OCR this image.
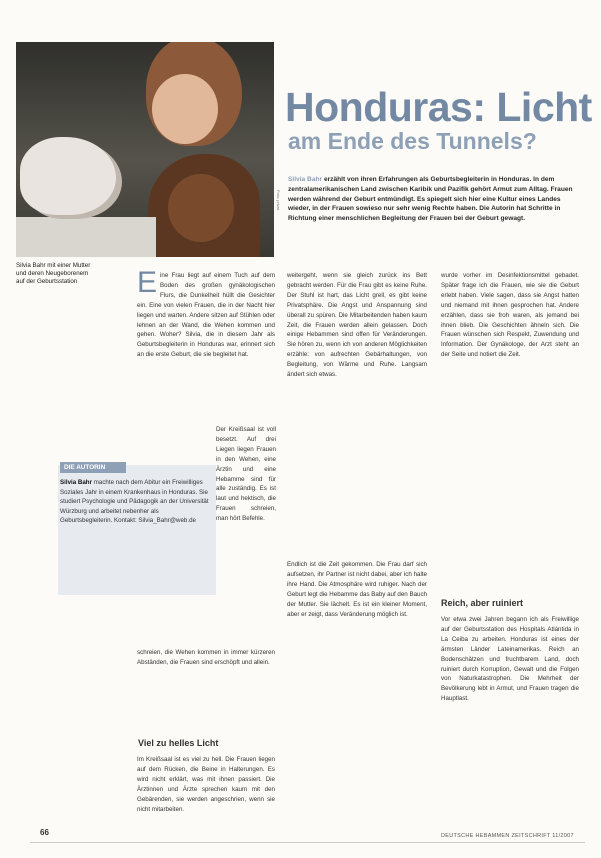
Foto: privat
Silvia Bahr mit einer Mutter und deren Neugeborenem auf der Geburtsstation
Honduras: Licht
am Ende des Tunnels?
Silvia Bahr erzählt von ihren Erfahrungen als Geburtsbegleiterin in Honduras. In dem zentralamerikanischen Land zwischen Karibik und Pazifik gehört Armut zum Alltag. Frauen werden während der Geburt entmündigt. Es spiegelt sich hier eine Kultur eines Landes wieder, in der Frauen sowieso nur sehr wenig Rechte haben. Die Autorin hat Schritte in Richtung einer menschlichen Begleitung der Frauen bei der Geburt gewagt.
E ine Frau liegt auf einem Tuch auf dem Boden des großen gynäkologischen Flurs, die Dunkelheit hüllt die Gesichter ein. Eine von vielen Frauen, die in der Nacht hier liegen und warten. Andere sitzen auf Stühlen oder lehnen an der Wand, die Wehen kommen und gehen. Woher? Silvia, die in diesem Jahr als Geburtsbegleiterin in Honduras war, erinnert sich an die erste Geburt, die sie begleitet hat.

Der Kreißsaal ist voll besetzt. Auf drei Liegen liegen Frauen in den Wehen, eine Ärztin und eine Hebamme sind für alle zuständig. Es ist laut und hektisch, die Frauen schreien, man hört Befehle.

DIE AUTORIN
Silvia Bahr machte nach dem Abitur ein Freiwilliges Soziales Jahr in einem Krankenhaus in Honduras. Sie studiert Psychologie und Pädagogik an der Universität Würzburg und arbeitet nebenher als Geburtsbegleiterin. Kontakt: Silvia_Bahr@web.de

schreien, die Wehen kommen in immer kürzeren Abständen, die Frauen sind erschöpft und allein.

Viel zu helles Licht

Im Kreißsaal ist es viel zu hell. Die Frauen liegen auf dem Rücken, die Beine in Halterungen. Es wird nicht erklärt, was mit ihnen passiert. Die Ärztinnen und Ärzte sprechen kaum mit den Gebärenden, sie werden angeschrien, wenn sie nicht mitarbeiten.

weitergeht, wenn sie gleich zurück ins Bett gebracht werden. Für die Frau gibt es keine Ruhe. Der Stuhl ist hart, das Licht grell, es gibt keine Privatsphäre. Die Angst und Anspannung sind überall zu spüren. Die Mitarbeitenden haben kaum Zeit, die Frauen werden allein gelassen. Doch einige Hebammen sind offen für Veränderungen. Sie hören zu, wenn ich von anderen Möglichkeiten erzähle: von aufrechten Gebärhaltungen, von Begleitung, von Wärme und Ruhe. Langsam ändert sich etwas.

Endlich ist die Zeit gekommen. Die Frau darf sich aufsetzen, ihr Partner ist nicht dabei, aber ich halte ihre Hand. Die Atmosphäre wird ruhiger. Nach der Geburt legt die Hebamme das Baby auf den Bauch der Mutter. Sie lächelt. Es ist ein kleiner Moment, aber er zeigt, dass Veränderung möglich ist.

wurde vorher im Desinfektionsmittel gebadet. Später frage ich die Frauen, wie sie die Geburt erlebt haben. Viele sagen, dass sie Angst hatten und niemand mit ihnen gesprochen hat. Andere erzählen, dass sie froh waren, als jemand bei ihnen blieb. Die Geschichten ähneln sich. Die Frauen wünschen sich Respekt, Zuwendung und Information. Der Gynäkologe, der Arzt steht an der Seite und notiert die Zeit.

Reich, aber ruiniert

Vor etwa zwei Jahren begann ich als Freiwillige auf der Geburtsstation des Hospitals Atlántida in La Ceiba zu arbeiten. Honduras ist eines der ärmsten Länder Lateinamerikas. Reich an Bodenschätzen und fruchtbarem Land, doch ruiniert durch Korruption, Gewalt und die Folgen von Naturkatastrophen. Die Mehrheit der Bevölkerung lebt in Armut, und Frauen tragen die Hauptlast.

66	DEUTSCHE HEBAMMEN ZEITSCHRIFT 11/2007
